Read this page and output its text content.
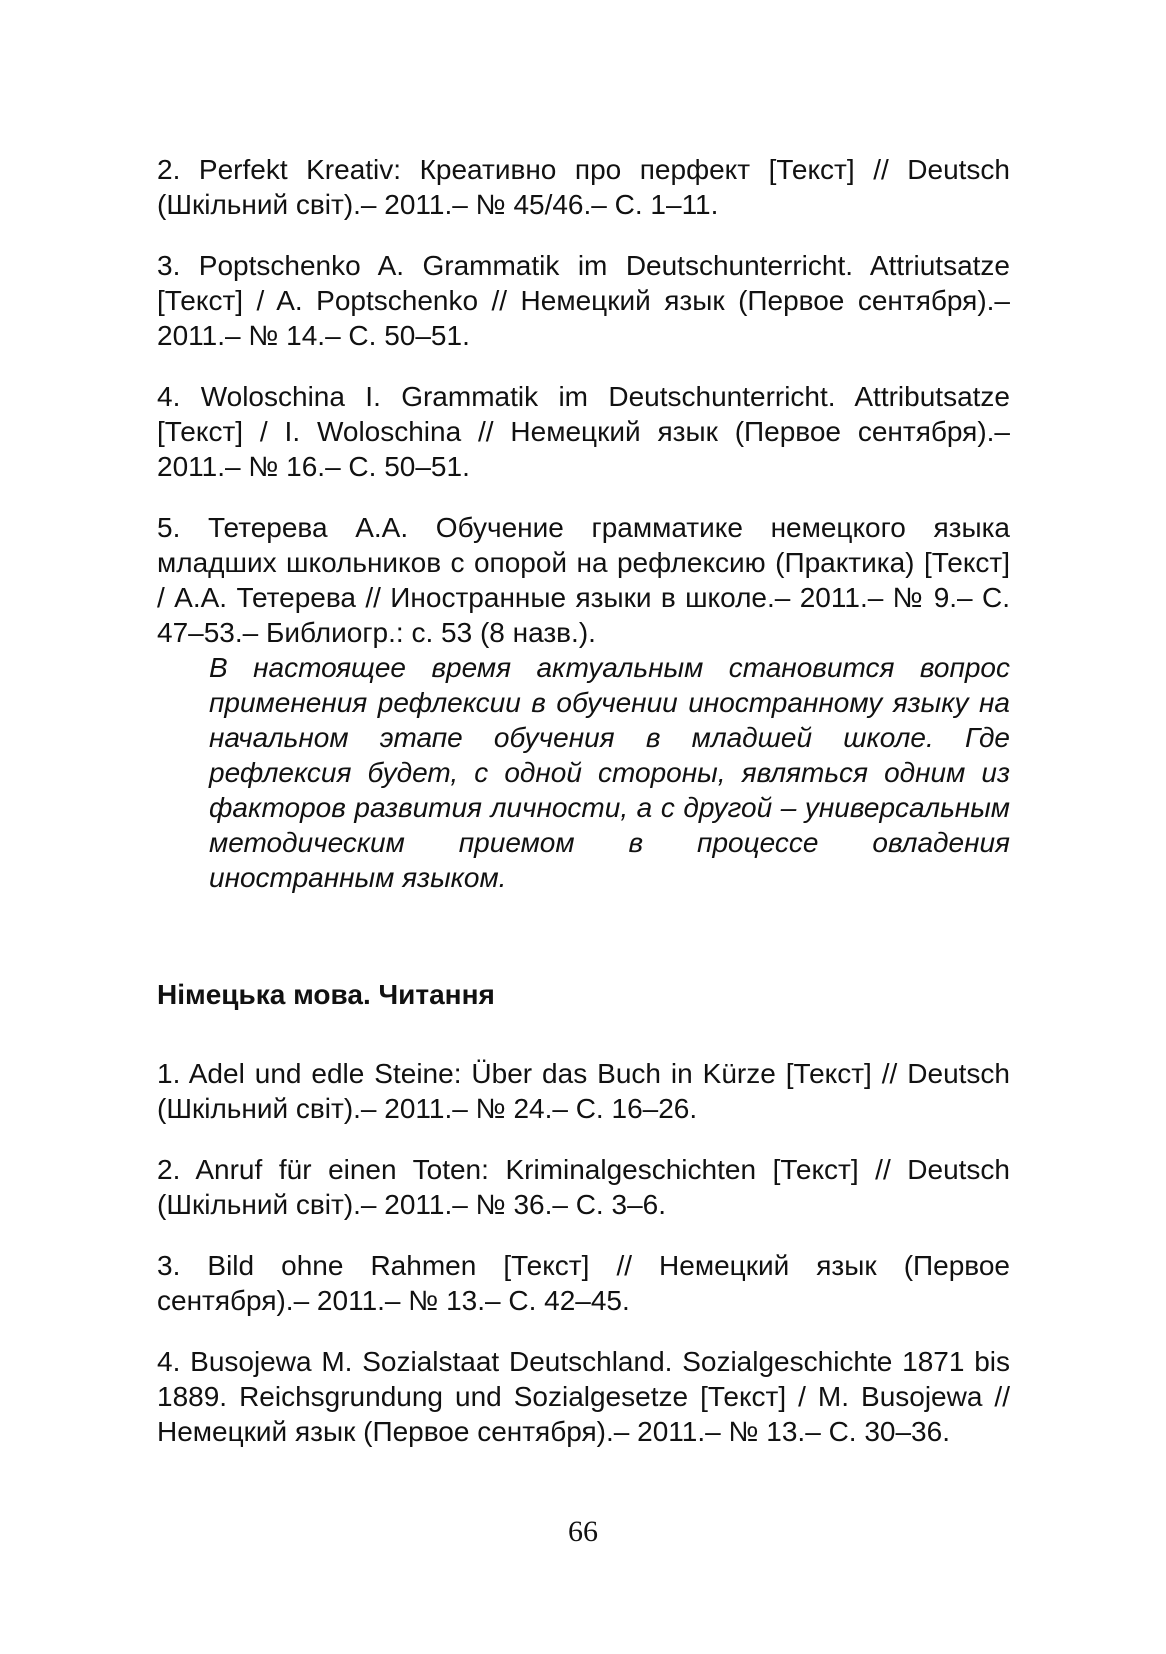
2. Perfekt Kreativ: Креативно про перфект [Текст] // Deutsch (Шкільний світ).– 2011.– № 45/46.– С. 1–11.

3. Poptschenko A. Grammatik im Deutschunterricht. Attriutsatze [Текст] / A. Poptschenko // Немецкий язык (Первое сентября).– 2011.– № 14.– С. 50–51.

4. Woloschina I. Grammatik im Deutschunterricht. Attributsatze [Текст] / I. Woloschina // Немецкий язык (Первое сентября).– 2011.– № 16.– С. 50–51.

5. Тетерева А.А. Обучение грамматике немецкого языка младших школьников с опорой на рефлексию (Практика) [Текст] / А.А. Тетерева // Иностранные языки в школе.– 2011.– № 9.– С. 47–53.– Библиогр.: с. 53 (8 назв.).

В настоящее время актуальным становится вопрос применения рефлексии в обучении иностранному языку на начальном этапе обучения в младшей школе. Где рефлексия будет, с одной стороны, являться одним из факторов развития личности, а с другой – универсальным методическим приемом в процессе овладения иностранным языком.

Німецька мова. Читання

1. Adel und edle Steine: Über das Buch in Kürze [Текст] // Deutsch (Шкільний світ).– 2011.– № 24.– С. 16–26.

2. Anruf für einen Toten: Kriminalgeschichten [Текст] // Deutsch (Шкільний світ).– 2011.– № 36.– С. 3–6.

3. Bild ohne Rahmen [Текст] // Немецкий язык (Первое сентября).– 2011.– № 13.– С. 42–45.

4. Busojewa M. Sozialstaat Deutschland. Sozialgeschichte 1871 bis 1889. Reichsgrundung und Sozialgesetze [Текст] / M. Busojewa // Немецкий язык (Первое сентября).– 2011.– № 13.– С. 30–36.

66
